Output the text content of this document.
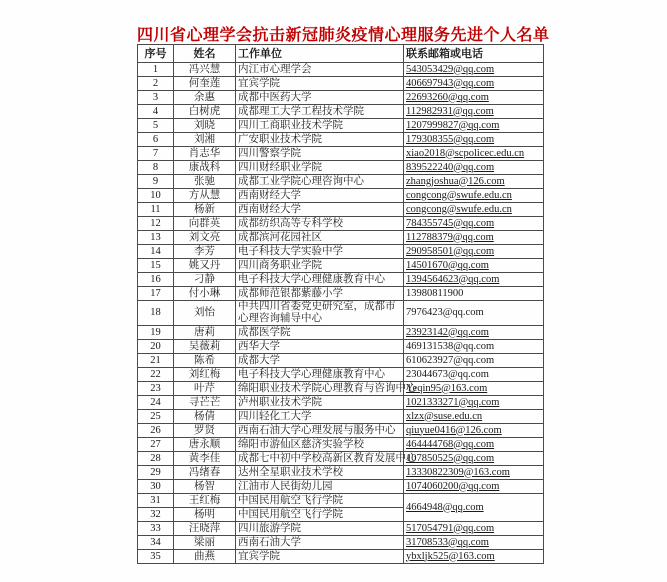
四川省心理学会抗击新冠肺炎疫情心理服务先进个人名单
序号	姓名	工作单位	联系邮箱或电话
1	冯兴慧	内江市心理学会	543053429@qq.com
2	何奎莲	宜宾学院	406697943@qq.com
3	余惠	成都中医药大学	22693260@qq.com
4	白树虎	成都理工大学工程技术学院	112982931@qq.com
5	刘晓	四川工商职业技术学院	1207999827@qq.com
6	刘湘	广安职业技术学院	179308355@qq.com
7	肖志华	四川警察学院	xiao2018@scpolicec.edu.cn
8	康战科	四川财经职业学院	839522240@qq.com
9	张驰	成都工业学院心理咨询中心	zhangjoshua@126.com
10	方从慧	西南财经大学	congcong@swufe.edu.cn
11	杨新	西南财经大学	congcong@swufe.edu.cn
12	向群英	成都纺织高等专科学校	784355745@qq.com
13	刘文亮	成都滨河花园社区	112788379@qq.com
14	李芳	电子科技大学实验中学	290958501@qq.com
15	姚又丹	四川商务职业学院	14501670@qq.com
16	刁静	电子科技大学心理健康教育中心	1394564623@qq.com
17	付小琳	成都师范银都紫藤小学	13980811900
18	刘怡	中共四川省委党史研究室，成都市心理咨询辅导中心	7976423@qq.com
19	唐莉	成都医学院	23923142@qq.com
20	吴薇莉	西华大学	469131538@qq.com
21	陈希	成都大学	610623927@qq.com
22	刘红梅	电子科技大学心理健康教育中心	23044673@qq.com
23	叶芹	绵阳职业技术学院心理教育与咨询中心	Yeqin95@163.com
24	寻芒芒	泸州职业技术学院	1021333271@qq.com
25	杨倩	四川轻化工大学	xlzx@suse.edu.cn
26	罗贤	西南石油大学心理发展与服务中心	qiuyue0416@126.com
27	唐永顺	绵阳市游仙区慈济实验学校	464444768@qq.com
28	黄李佳	成都七中初中学校高新区教育发展中心	107850525@qq.com
29	冯绪春	达州全星职业技术学校	13330822309@163.com
30	杨智	江油市人民街幼儿园	1074060200@qq.com
31	王红梅	中国民用航空飞行学院	4664948@qq.com
32	杨明	中国民用航空飞行学院	
33	汪晓萍	四川旅游学院	517054791@qq.com
34	梁丽	西南石油大学	31708533@qq.com
35	曲燕	宜宾学院	ybxljk525@163.com
